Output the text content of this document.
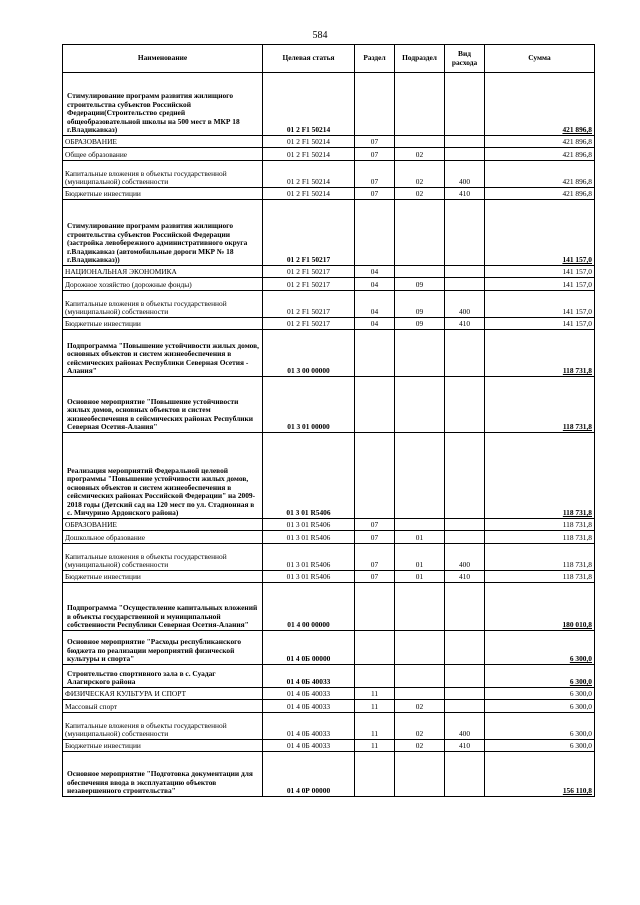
584
Наименование	Целевая статья	Раздел	Подраздел	Вид расхода	Сумма
Стимулирование программ развития жилищного строительства субъектов Российской Федерации(Строительство средней общеобразовательной школы на 500 мест в МКР 18 г.Владикавказ)	01 2 F1 50214				421 896,8
ОБРАЗОВАНИЕ	01 2 F1 50214	07			421 896,8
Общее образование	01 2 F1 50214	07	02		421 896,8
Капитальные вложения в объекты государственной (муниципальной) собственности	01 2 F1 50214	07	02	400	421 896,8
Бюджетные инвестиции	01 2 F1 50214	07	02	410	421 896,8
Стимулирование программ развития жилищного строительства субъектов Российской Федерации (застройка левобережного административного округа г.Владикавказ (автомобильные дороги МКР № 18 г.Владикавказ))	01 2 F1 50217				141 157,0
НАЦИОНАЛЬНАЯ ЭКОНОМИКА	01 2 F1 50217	04			141 157,0
Дорожное хозяйство (дорожные фонды)	01 2 F1 50217	04	09		141 157,0
Капитальные вложения в объекты государственной (муниципальной) собственности	01 2 F1 50217	04	09	400	141 157,0
Бюджетные инвестиции	01 2 F1 50217	04	09	410	141 157,0
Подпрограмма "Повышение устойчивости жилых домов, основных объектов и систем жизнеобеспечения в сейсмических районах Республики Северная Осетия - Алания"	01 3 00 00000				118 731,8
Основное мероприятие "Повышение устойчивости жилых домов, основных объектов и систем жизнеобеспечения в сейсмических районах Республики Северная Осетия-Алания"	01 3 01 00000				118 731,8
Реализация мероприятий Федеральной целевой программы "Повышение устойчивости жилых домов, основных объектов и систем жизнеобеспечения в сейсмических районах Российской Федерации" на 2009-2018 годы (Детский сад на 120 мест по ул. Стадионная в с. Мичурино Ардонского района)	01 3 01 R5406				118 731,8
ОБРАЗОВАНИЕ	01 3 01 R5406	07			118 731,8
Дошкольное образование	01 3 01 R5406	07	01		118 731,8
Капитальные вложения в объекты государственной (муниципальной) собственности	01 3 01 R5406	07	01	400	118 731,8
Бюджетные инвестиции	01 3 01 R5406	07	01	410	118 731,8
Подпрограмма "Осуществление капитальных вложений в объекты государственной и муниципальной собственности Республики Северная Осетия-Алания"	01 4 00 00000				180 010,8
Основное мероприятие "Расходы республиканского бюджета по реализации мероприятий физической культуры и спорта"	01 4 0Б 00000				6 300,0
Строительство спортивного зала в с. Суадаг Алагирского района	01 4 0Б 40033				6 300,0
ФИЗИЧЕСКАЯ КУЛЬТУРА И СПОРТ	01 4 0Б 40033	11			6 300,0
Массовый спорт	01 4 0Б 40033	11	02		6 300,0
Капитальные вложения в объекты государственной (муниципальной) собственности	01 4 0Б 40033	11	02	400	6 300,0
Бюджетные инвестиции	01 4 0Б 40033	11	02	410	6 300,0
Основное мероприятие "Подготовка документации для обеспечения ввода в эксплуатацию объектов незавершенного строительства"	01 4 0Р 00000				156 110,8
